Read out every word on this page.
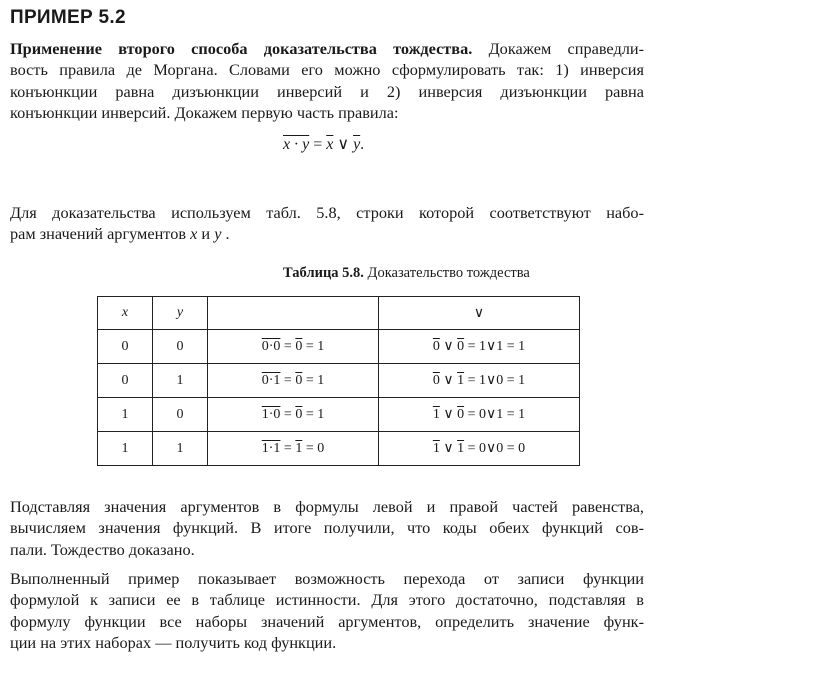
ПРИМЕР 5.2
Применение второго способа доказательства тождества. Докажем справедли-
вость правила де Моргана. Словами его можно сформулировать так: 1) инверсия
конъюнкции равна дизъюнкции инверсий и 2) инверсия дизъюнкции равна
конъюнкции инверсий. Докажем первую часть правила:
$x \cdot y = \overline{x}$ ∨ $\overline{y}$.
Для доказательства используем табл. 5.8, строки которой соответствуют набо-
рам значений аргументов x и y .
Таблица 5.8. Доказательство тождества
x	y		∨
0	0	0·0 = 0 = 1	0 ∨ 0 = 1∨1 = 1
0	1	0·1 = 0 = 1	0 ∨ 1 = 1∨0 = 1
1	0	1·0 = 0 = 1	1 ∨ 0 = 0∨1 = 1
1	1	1·1 = 1 = 0	1 ∨ 1 = 0∨0 = 0
Подставляя значения аргументов в формулы левой и правой частей равенства,
вычисляем значения функций. В итоге получили, что коды обеих функций сов-
пали. Тождество доказано.
Выполненный пример показывает возможность перехода от записи функции
формулой к записи ее в таблице истинности. Для этого достаточно, подставляя в
формулу функции все наборы значений аргументов, определить значение функ-
ции на этих наборах — получить код функции.
